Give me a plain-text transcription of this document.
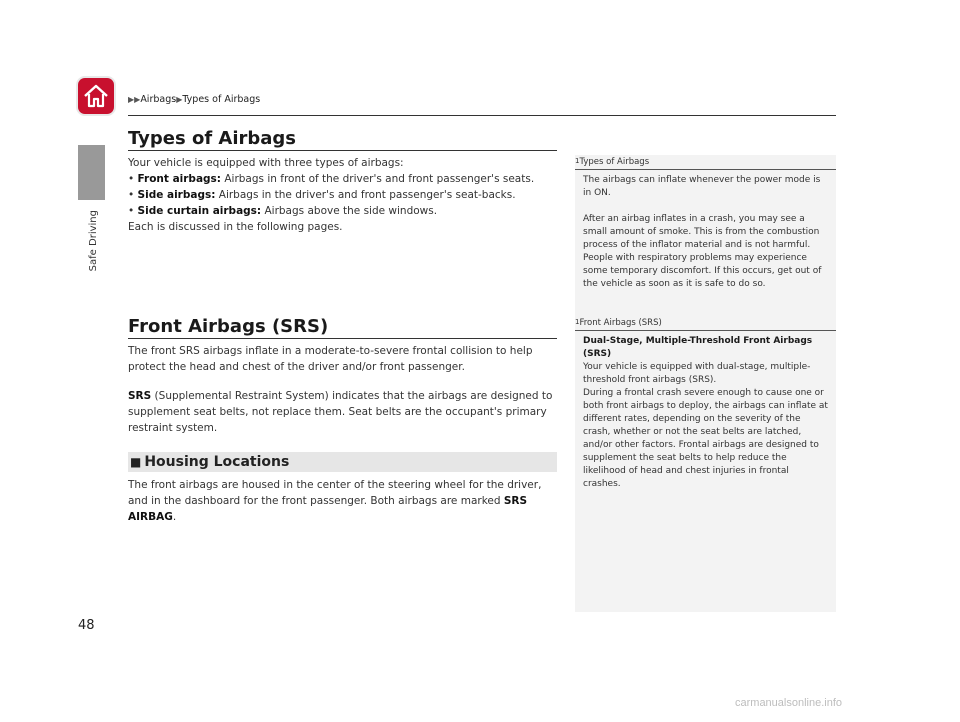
▶▶Airbags▶Types of Airbags
Safe Driving
Types of Airbags
Your vehicle is equipped with three types of airbags:
• Front airbags: Airbags in front of the driver's and front passenger's seats.
• Side airbags: Airbags in the driver's and front passenger's seat-backs.
• Side curtain airbags: Airbags above the side windows.
Each is discussed in the following pages.
Front Airbags (SRS)
The front SRS airbags inflate in a moderate-to-severe frontal collision to help protect the head and chest of the driver and/or front passenger.
SRS (Supplemental Restraint System) indicates that the airbags are designed to supplement seat belts, not replace them. Seat belts are the occupant's primary restraint system.
■ Housing Locations
The front airbags are housed in the center of the steering wheel for the driver, and in the dashboard for the front passenger. Both airbags are marked SRS AIRBAG.
1Types of Airbags
The airbags can inflate whenever the power mode is in ON.
After an airbag inflates in a crash, you may see a small amount of smoke. This is from the combustion process of the inflator material and is not harmful. People with respiratory problems may experience some temporary discomfort. If this occurs, get out of the vehicle as soon as it is safe to do so.
1Front Airbags (SRS)
Dual-Stage, Multiple-Threshold Front Airbags (SRS)
Your vehicle is equipped with dual-stage, multiple-threshold front airbags (SRS).
During a frontal crash severe enough to cause one or both front airbags to deploy, the airbags can inflate at different rates, depending on the severity of the crash, whether or not the seat belts are latched, and/or other factors. Frontal airbags are designed to supplement the seat belts to help reduce the likelihood of head and chest injuries in frontal crashes.
48
carmanualsonline.info
